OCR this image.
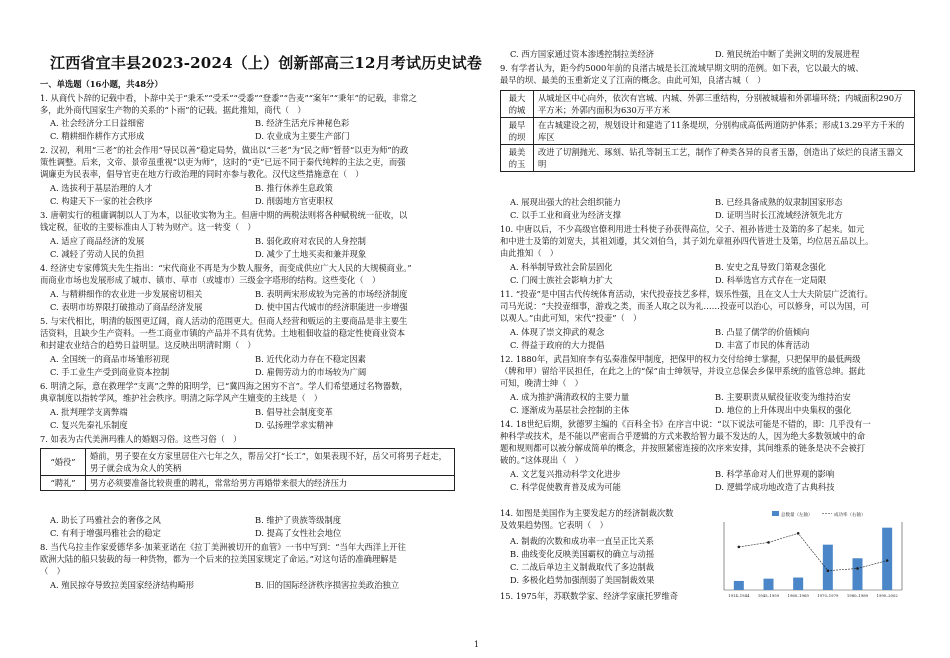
江西省宜丰县2023-2024（上）创新部高三12月考试历史试卷
一、单选题（16小题，共48分）
1. 从商代卜辞的记载中看，卜辞中关于“秉禾”“受禾”“受黍”“登黍”“告麦”“案年”“秉年”的记载，非常之
多，此外商代国家生产物的关系的“卜雨”的记载。据此推知，商代（　）
A. 社会经济分工日益细密	B. 经济生活充斥神秘色彩
C. 精耕细作耕作方式形成	D. 农业成为主要生产部门
2. 汉初，利用“三老”的社会作用“导民以善”稳定局势，做出以“三老”为“民之师”暂替“以吏为师”的政
策性调整。后来，文帝、景帝虽重视“以吏为师”，这时的“吏”已远不同于秦代纯粹的主法之吏，而强
调廉吏为民表率，倡导官吏在地方行政治理的同时亦参与教化。汉代这些措施意在（　）
A. 选拔利于基层治理的人才	B. 推行休养生息政策
C. 构建天下一家的社会秩序	D. 削弱地方官吏职权
3. 唐朝实行的租庸调制以人丁为本，以征收实物为主。但唐中期的两税法则将各种赋税统一征收，以
钱定税，征收的主要标准由人丁转为财产。这一转变（　）
A. 适应了商品经济的发展	B. 弱化政府对农民的人身控制
C. 减轻了劳动人民的负担	D. 减少了土地买卖和兼并现象
4. 经济史专家傅筑夫先生指出：“宋代商业不再是为少数人服务，而变成供应广大人民的大规模商业。”
而商业市场也发展形成了城市、镇市、草市（或墟市）三级金字塔形的结构。这些变化（　）
A. 与精耕细作的农业进一步发展密切相关	B. 表明两宋形成较为完善的市场经济制度
C. 表明市坊界限打破推动了商品经济发展	D. 使中国古代城市的经济职能进一步增强
5. 与宋代相比，明清的版图更辽阔，商人活动的范围更大。但商人经营和贩运的主要商品是非主要生
活资料，且缺少生产资料。一些工商业市镇的产品并不具有优势。土地租佃收益的稳定性使商业资本
和封建农业结合的趋势日益明显。这反映出明清时期（　）
A. 全国统一的商品市场雏形初现	B. 近代化动力存在不稳定因素
C. 手工业生产受到商业资本控制	D. 雇佣劳动力的市场较为广阔
6. 明清之际，意在救理学“支离”之弊的阳明学，已“冀四海之困穷不言”。学人们希望通过名物器数，
典章制度以指转学风，维护社会秩序。明清之际学风产生嬗变的主线是（　）
A. 批判理学支离弊端	B. 倡导社会制度变革
C. 复兴先秦礼乐制度	D. 弘扬理学求实精神
7. 如表为古代美洲玛雅人的婚姻习俗。这些习俗（　）
“婚役”	婚前，男子要在女方家里居住六七年之久，帮岳父打“长工”，如果表现不好，岳父可将男子赶走，男子就会成为众人的笑柄
“聘礼”	男方必须要准备比较贵重的聘礼，常常给男方再婚带来很大的经济压力
A. 助长了玛雅社会的奢侈之风	B. 维护了贵族等级制度
C. 有利于增强玛雅社会的稳定	D. 提高了女性社会地位
8. 当代乌拉圭作家爱德华多·加莱亚诺在《拉丁美洲被切开的血管》一书中写到：“当年大西洋上开往
欧洲大陆的船只装载的每一种货物，都为一个后来的拉美国家规定了命运。”对这句话的准确理解是
（　）
A. 殖民掠夺导致拉美国家经济结构畸形	B. 旧的国际经济秩序损害拉美政治独立
C. 西方国家通过资本渗透控制拉美经济	D. 殖民统治中断了美洲文明的发展进程
9. 有学者认为，距今约5000年前的良渚古城是长江流域早期文明的范例。如下表，它以最大的城、
最早的坝、最美的玉重新定义了江南的概念。由此可知，良渚古城（　）
最大的城	从城址区中心向外，依次有宫城、内城、外郭三重结构，分别被城墙和外郭墙环绕；内城面积290万平方米；外郭内面积为630万平方米
最早的坝	在古城建设之初，规划设计和建造了11条堤坝，分别构成高低两道防护体系；形成13.29平方千米的库区
最美的玉	改进了切割抛光、琢刻、钻孔等制玉工艺，制作了种类各异的良者玉器，创造出了炫烂的良渚玉器文明
A. 展现出强大的社会组织能力	B. 已经具备成熟的奴隶制国家形态
C. 以手工业和商业为经济支撑	D. 证明当时长江流域经济领先北方
10. 中唐以后，不少高级官僚利用进士科使子孙获得高位，父子、祖孙皆进士及第的多了起来。如元
和中进士及第的刘宽夫，其祖刘遵，其父刘伯刍，其子刘允章祖孙四代皆进士及第，均位居五品以上。
由此推知（　）
A. 科举制导致社会阶层固化	B. 安史之乱导致门第观念强化
C. 门阀士族社会影响力扩大	D. 科举选官方式存在一定局限
11. “投壶”是中国古代传统体育活动，宋代投壶技艺多样，娱乐性强，且在文人士大夫阶层广泛流行。
司马光说：“夫投壶细事，游戏之类，而圣人取之以为礼……投壶可以治心，可以修身，可以为国，可
以观人。”由此可知，宋代“投壶”（　）
A. 体现了崇文抑武的观念	B. 凸显了儒学的价值倾向
C. 得益于政府的大力提倡	D. 丰富了市民的体育活动
12. 1880年，武昌知府李有弘奏准保甲制度，把保甲的权力交付给绅士掌握，只把保甲的最低两级
（牌和甲）留给平民担任，在此之上的“保”由士绅领导，并设立总保会乡保甲系统的监管总绅。据此
可知，晚清士绅（　）
A. 成为推护满清政权的主要力量	B. 主要职责从赋役征收变为维持治安
C. 逐渐成为基层社会控制的主体	D. 地位的上升体现出中央集权的强化
14. 18世纪后期，狄德罗主编的《百科全书》在序言中说：“以下说法可能是不错的，即：几乎没有一
种科学或技术，是不能以严密而合乎逻辑的方式来教给智力最不发达的人，因为绝大多数领域中的命
题和规则都可以被分解成简单的概念，并按照紧密连接的次序来安排，其间维系的链条是决不会被打
破的。”这体现出（　）
A. 文艺复兴推动科学文化进步	B. 科学革命对人们世界观的影响
C. 科学促使教育普及成为可能	D. 逻辑学成功地改造了古典科技
14. 如图是美国作为主要发起方的经济制裁次数
及效果趋势图。它表明（　）
A. 制裁的次数和成功率一直呈正比关系
B. 曲线变化反映美国霸权的确立与动摇
C. 二战后单边主义制裁取代了多边制裁
D. 多极化趋势加强削弱了美国制裁效果
15. 1975年，苏联数学家、经济学家康托罗维奇
总数量（左轴）	成功率（右轴）
1914–1944 1945–1959 1960–1969 1970–1979 1980–1989 1990–2002
1
